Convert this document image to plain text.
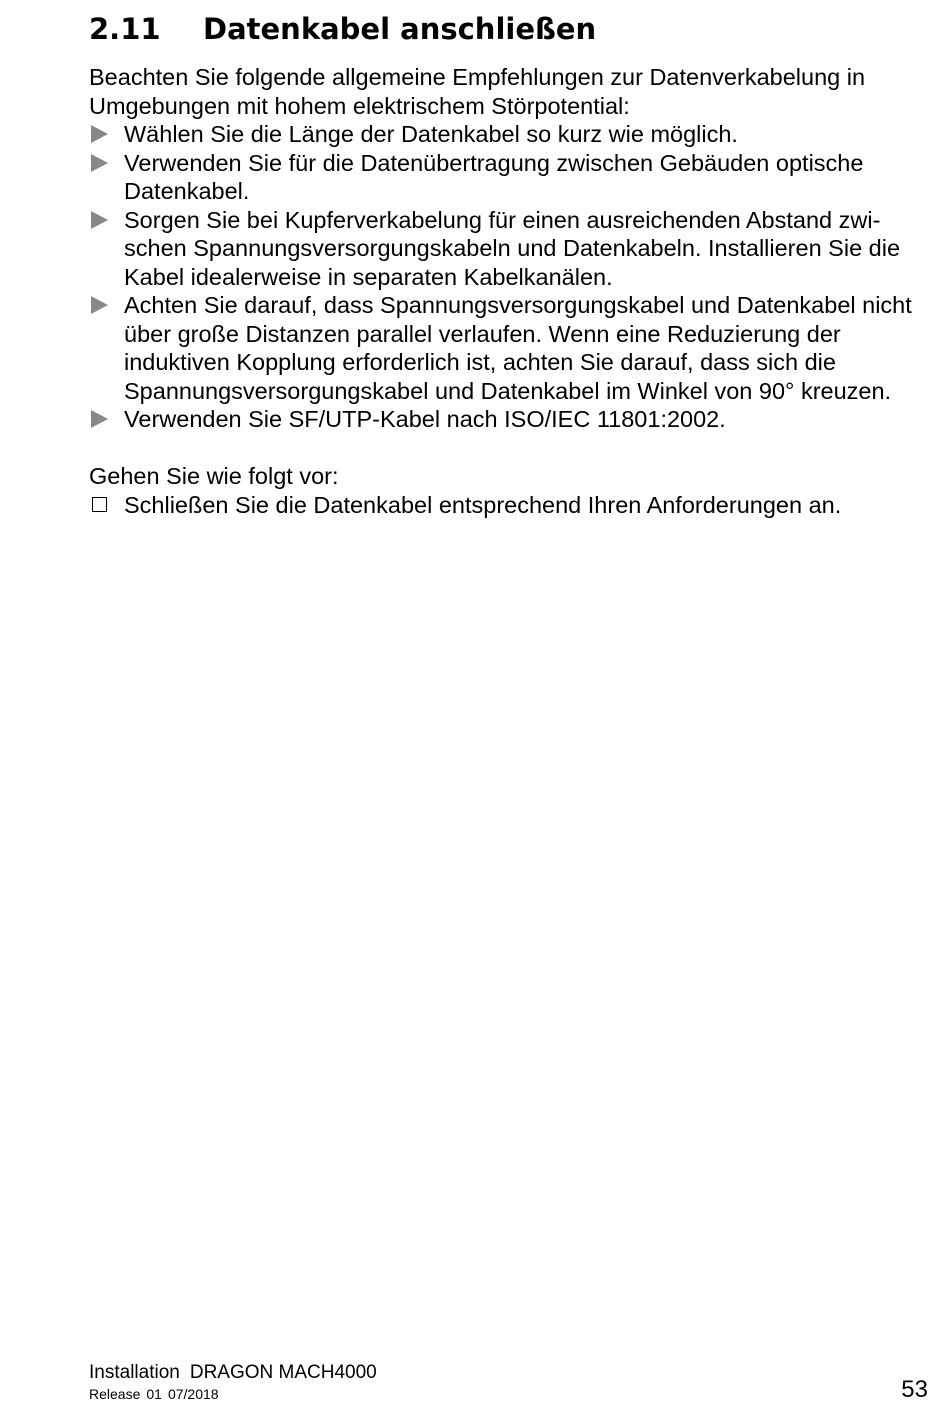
2.11 Datenkabel anschließen

Beachten Sie folgende allgemeine Empfehlungen zur Datenverkabelung in Umgebungen mit hohem elektrischem Störpotential:

Wählen Sie die Länge der Datenkabel so kurz wie möglich.
Verwenden Sie für die Datenübertragung zwischen Gebäuden optische Datenkabel.
Sorgen Sie bei Kupferverkabelung für einen ausreichenden Abstand zwischen Spannungsversorgungskabeln und Datenkabeln. Installieren Sie die Kabel idealerweise in separaten Kabelkanälen.
Achten Sie darauf, dass Spannungsversorgungskabel und Datenkabel nicht über große Distanzen parallel verlaufen. Wenn eine Reduzierung der induktiven Kopplung erforderlich ist, achten Sie darauf, dass sich die Spannungsversorgungskabel und Datenkabel im Winkel von 90° kreuzen.
Verwenden Sie SF/UTP-Kabel nach ISO/IEC 11801:2002.

Gehen Sie wie folgt vor:

Schließen Sie die Datenkabel entsprechend Ihren Anforderungen an.
Installation DRAGON MACH4000
Release 01 07/2018	53
